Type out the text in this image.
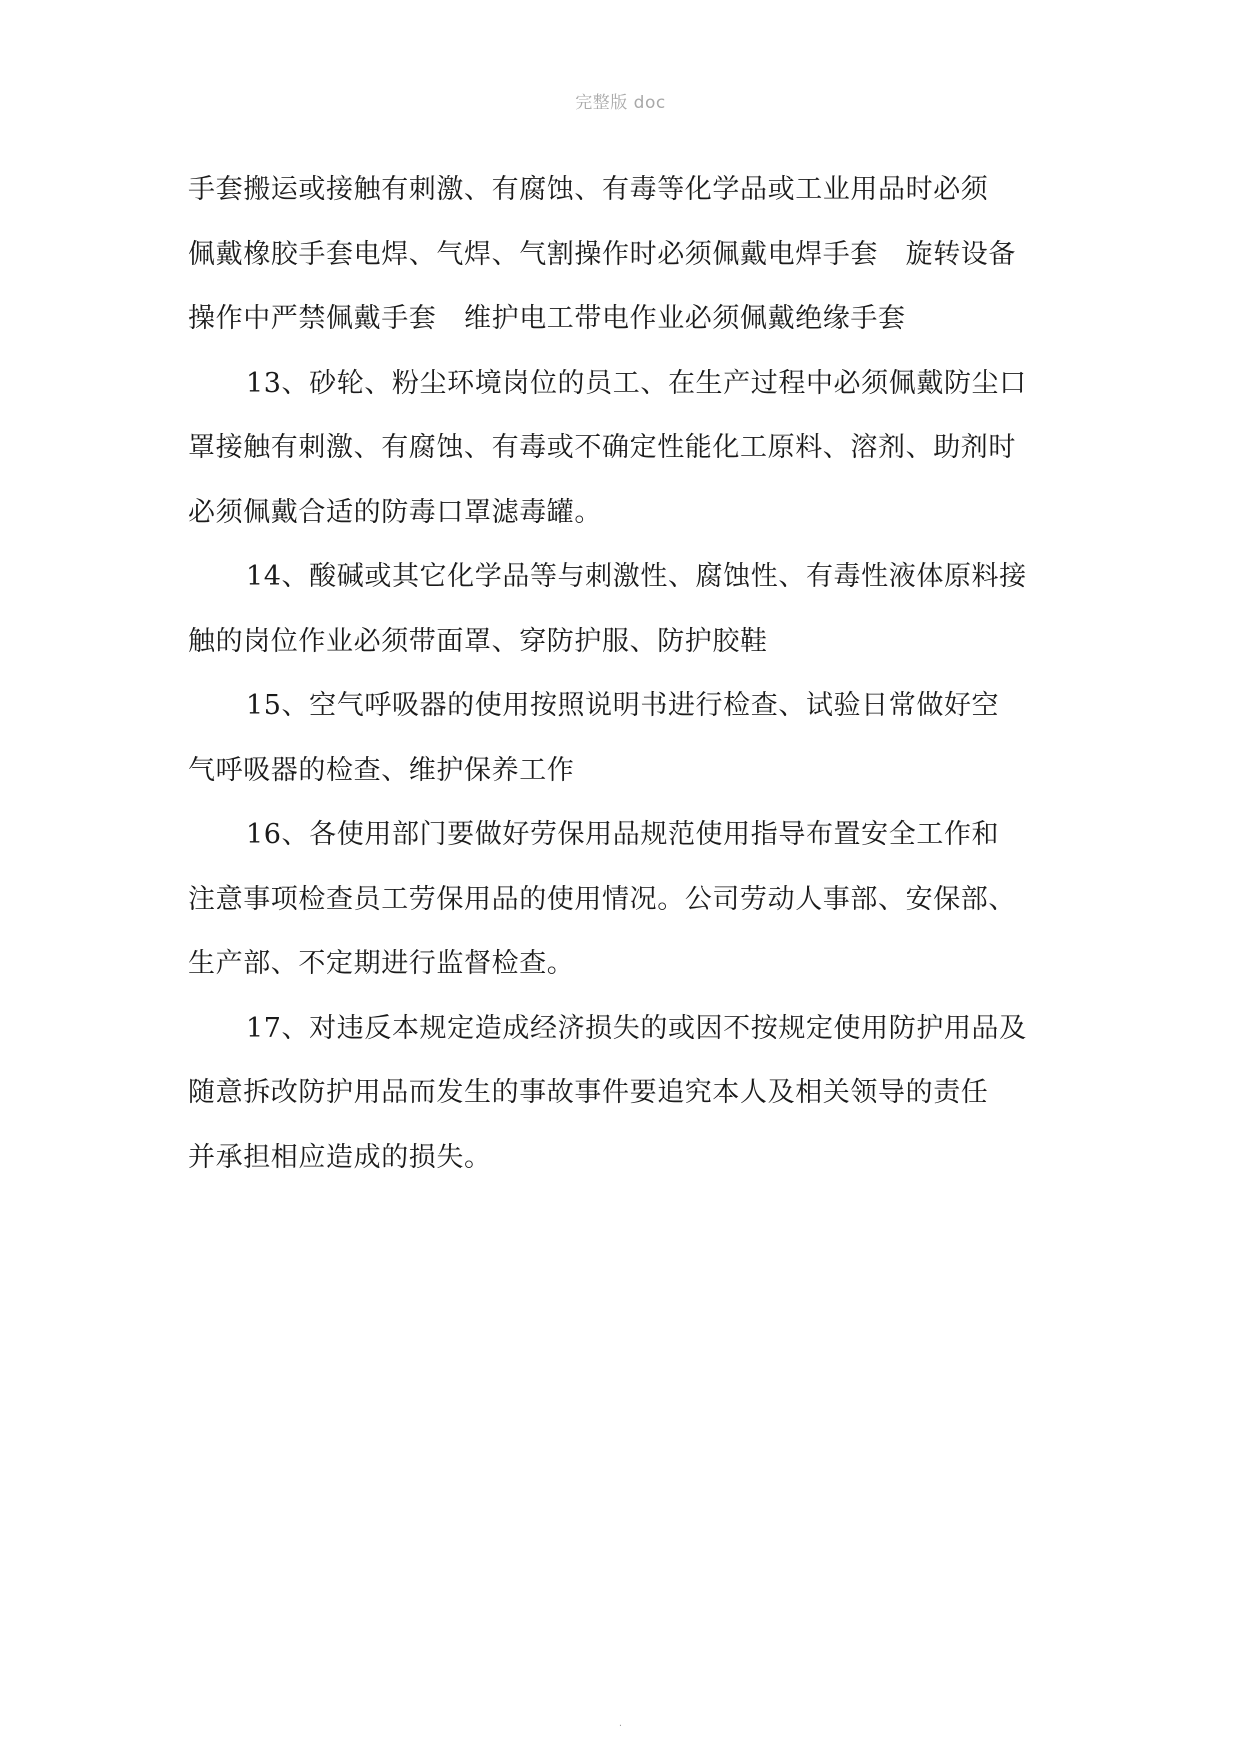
完整版 doc
手套搬运或接触有刺激、有腐蚀、有毒等化学品或工业用品时必须
佩戴橡胶手套电焊、气焊、气割操作时必须佩戴电焊手套　旋转设备
操作中严禁佩戴手套　维护电工带电作业必须佩戴绝缘手套
13、砂轮、粉尘环境岗位的员工、在生产过程中必须佩戴防尘口
罩接触有刺激、有腐蚀、有毒或不确定性能化工原料、溶剂、助剂时
必须佩戴合适的防毒口罩滤毒罐。
14、酸碱或其它化学品等与刺激性、腐蚀性、有毒性液体原料接
触的岗位作业必须带面罩、穿防护服、防护胶鞋
15、空气呼吸器的使用按照说明书进行检查、试验日常做好空
气呼吸器的检查、维护保养工作
16、各使用部门要做好劳保用品规范使用指导布置安全工作和
注意事项检查员工劳保用品的使用情况。公司劳动人事部、安保部、
生产部、不定期进行监督检查。
17、对违反本规定造成经济损失的或因不按规定使用防护用品及
随意拆改防护用品而发生的事故事件要追究本人及相关领导的责任
并承担相应造成的损失。
.
